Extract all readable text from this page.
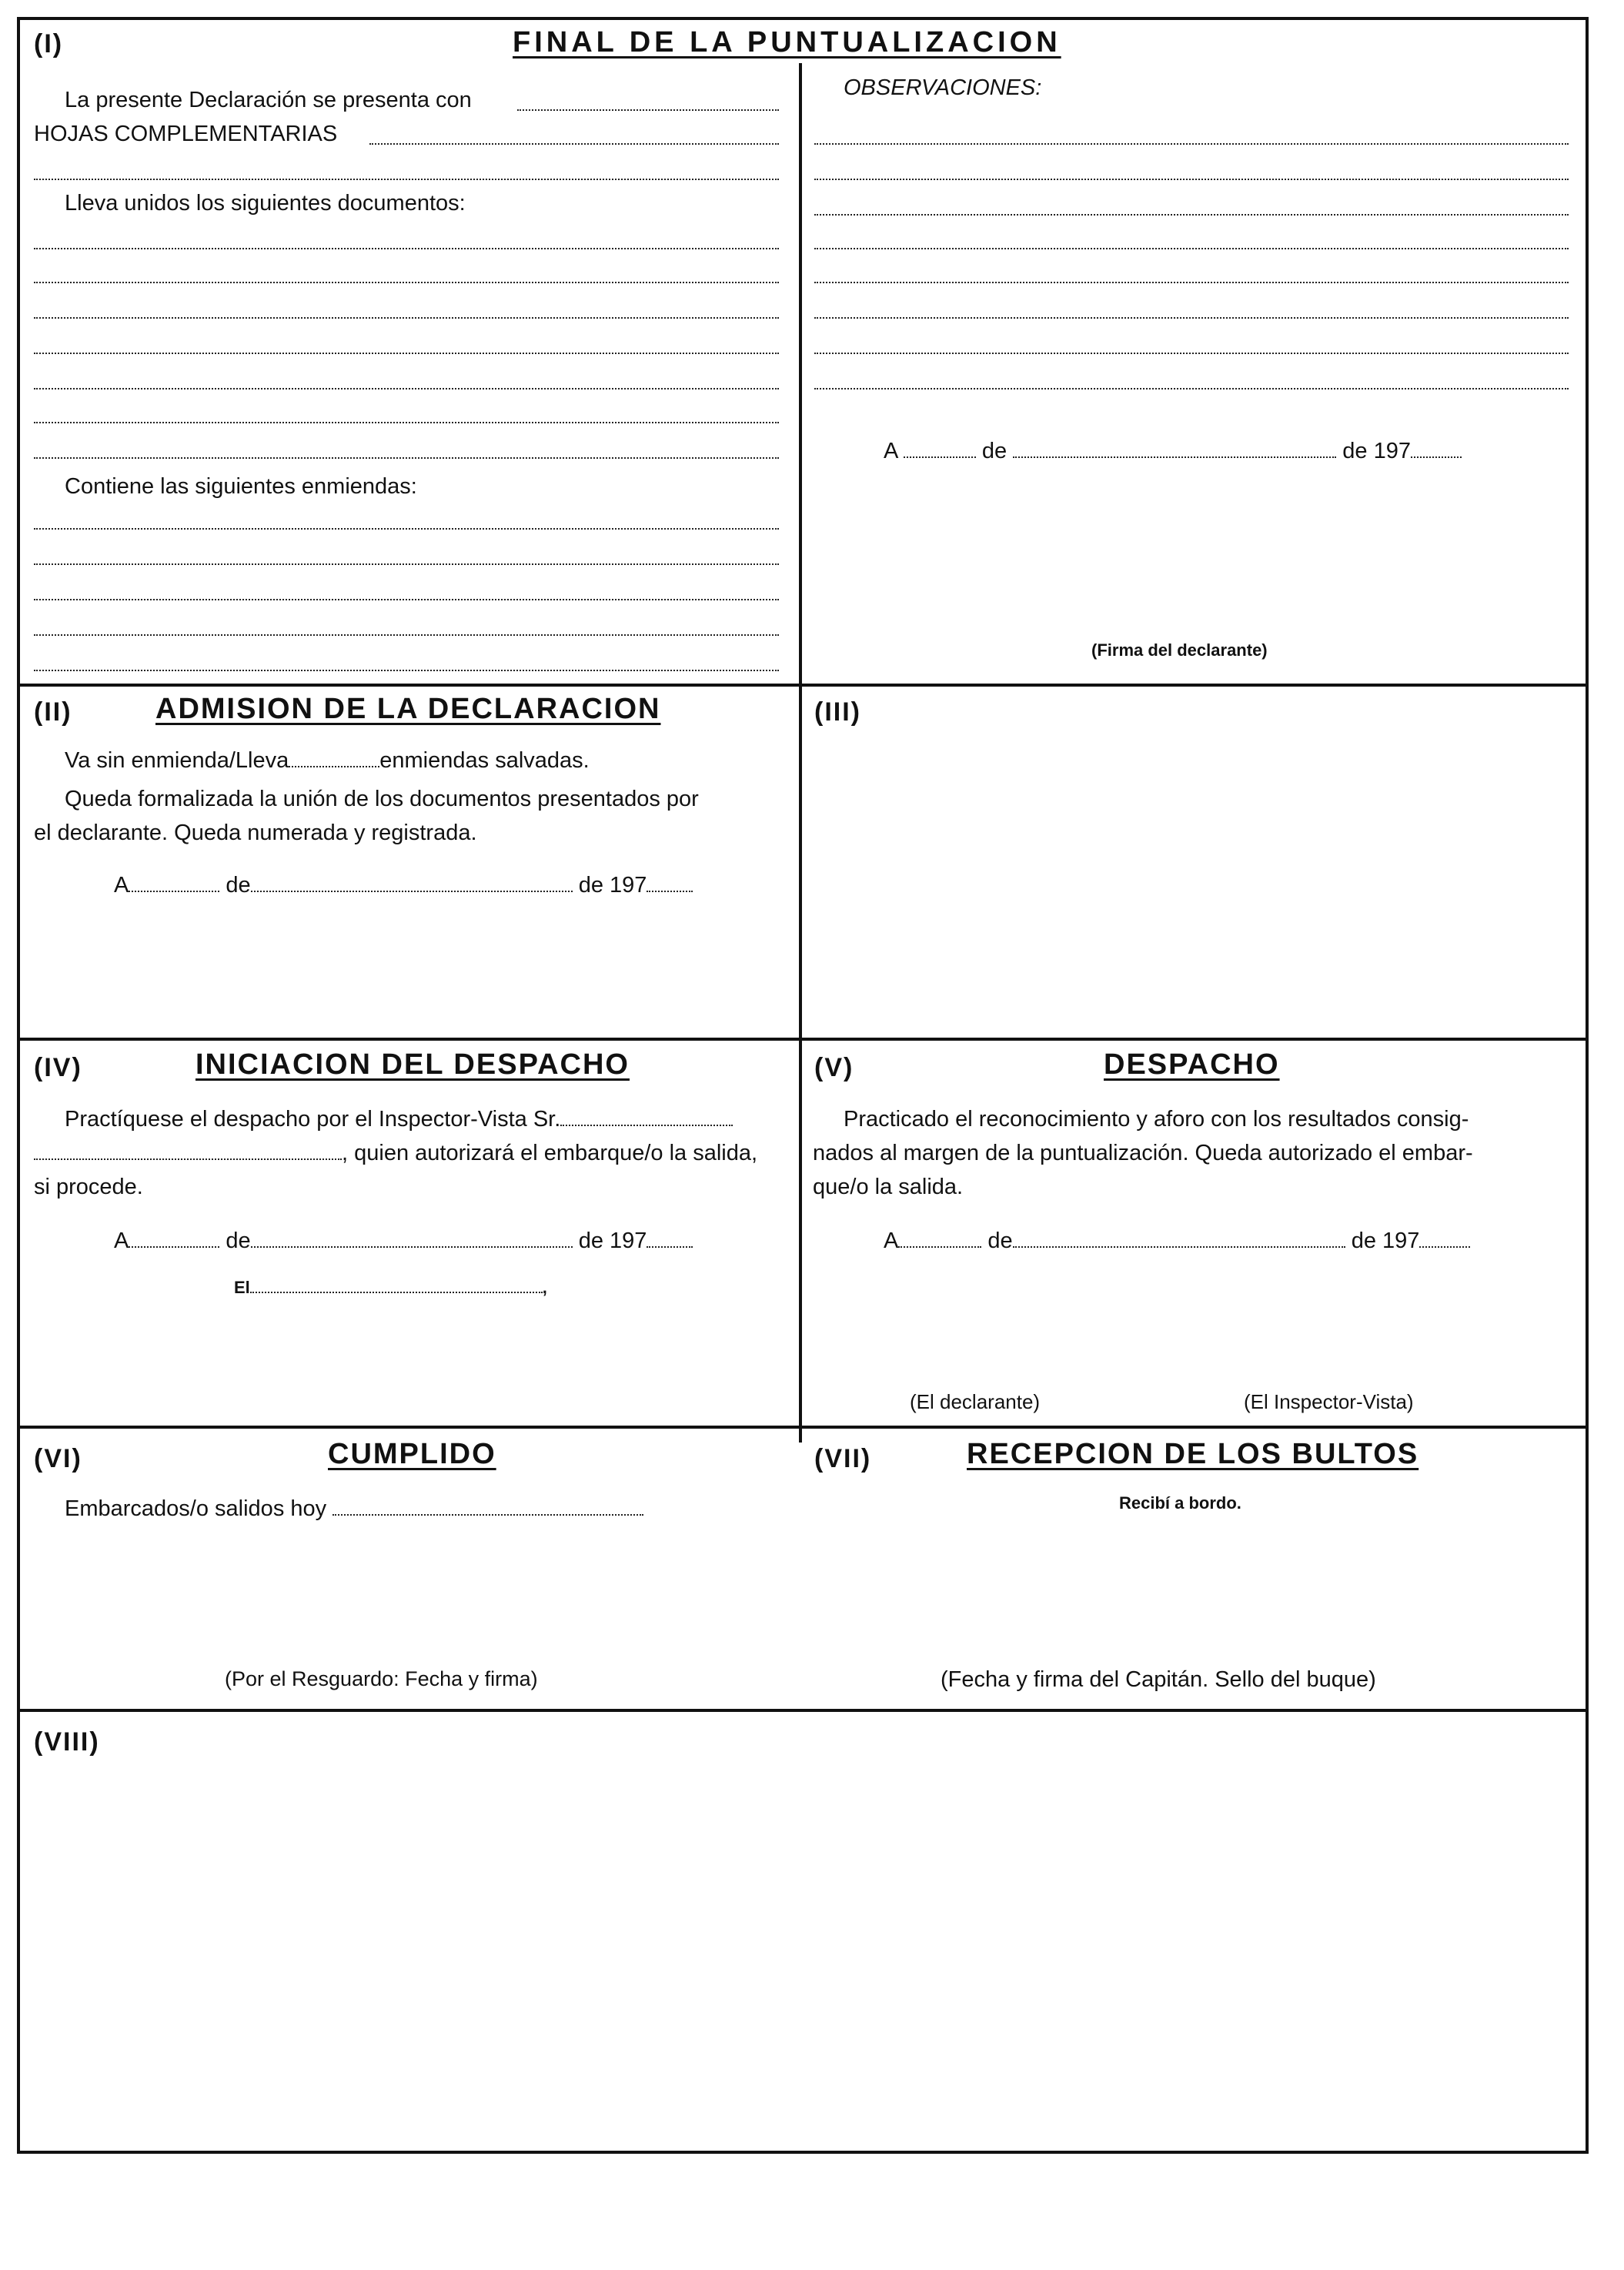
(I)	FINAL DE LA PUNTUALIZACION
La presente Declaración se presenta con
HOJAS COMPLEMENTARIAS
Lleva unidos los siguientes documentos:
Contiene las siguientes enmiendas:
OBSERVACIONES:
A	de	de 197
(Firma del declarante)
(II)	ADMISION DE LA DECLARACION
Va sin enmienda/Lleva	enmiendas salvadas.
Queda formalizada la unión de los documentos presentados por
el declarante. Queda numerada y registrada.
A	de	de 197
(III)
(IV)	INICIACION DEL DESPACHO
Practíquese el despacho por el Inspector-Vista Sr.
, quien autorizará el embarque/o la salida,
si procede.
A	de	de 197
El	,
(V)	DESPACHO
Practicado el reconocimiento y aforo con los resultados consig-
nados al margen de la puntualización. Queda autorizado el embar-
que/o la salida.
A	de	de 197
(El declarante)	(El Inspector-Vista)
(VI)	CUMPLIDO
Embarcados/o salidos hoy
(Por el Resguardo: Fecha y firma)
(VII)	RECEPCION DE LOS BULTOS
Recibí a bordo.
(Fecha y firma del Capitán. Sello del buque)
(VIII)
